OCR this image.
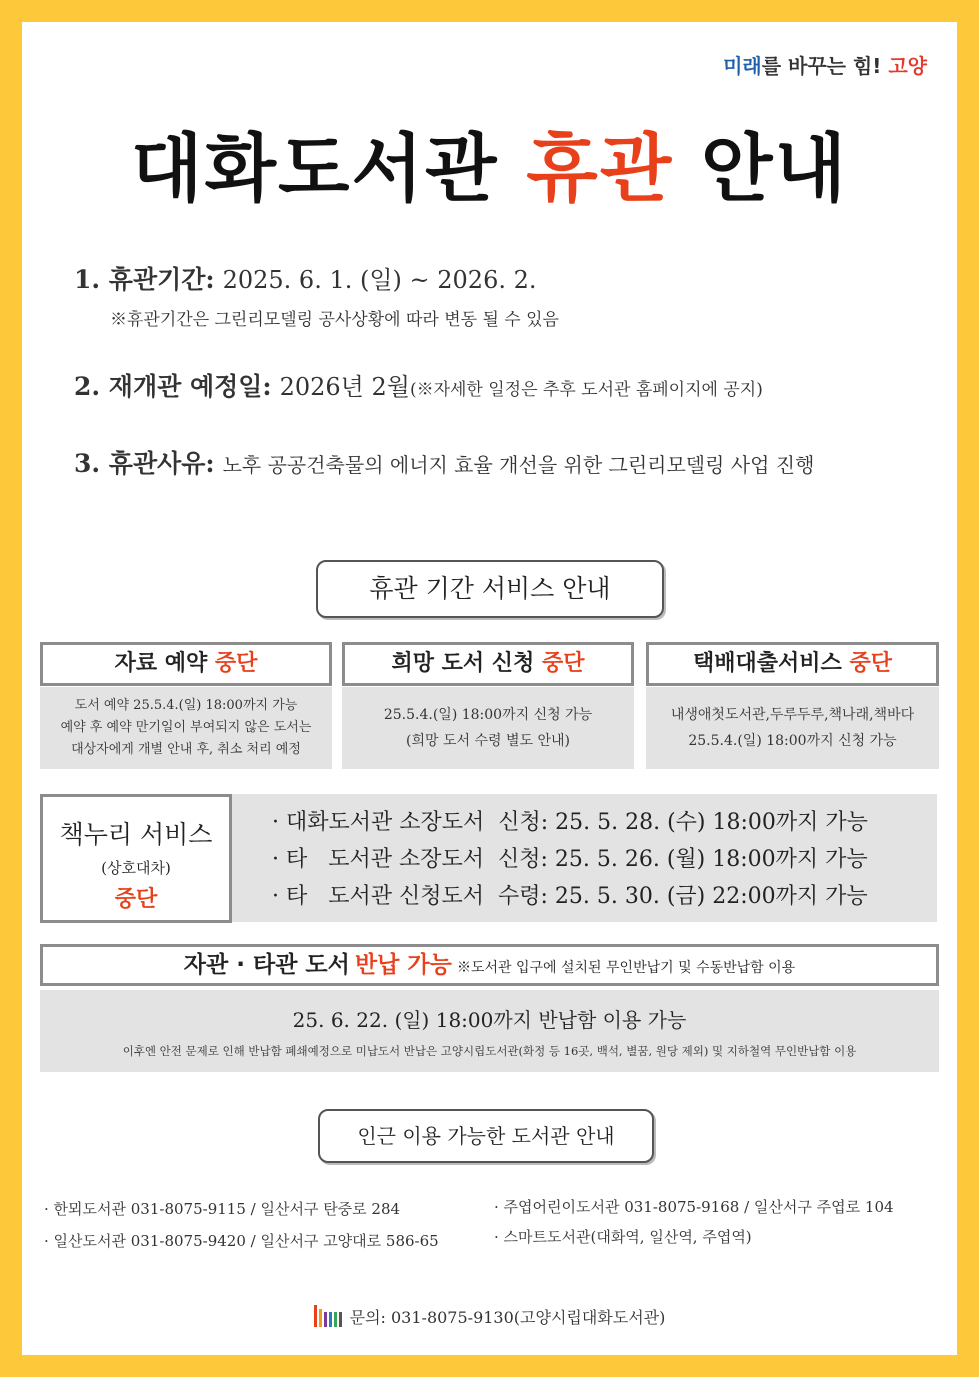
미래를 바꾸는 힘! 고양
대화도서관 휴관 안내
1. 휴관기간: 2025. 6. 1. (일) ~ 2026. 2.
※휴관기간은 그린리모델링 공사상황에 따라 변동 될 수 있음
2. 재개관 예정일: 2026년 2월(※자세한 일정은 추후 도서관 홈페이지에 공지)
3. 휴관사유: 노후 공공건축물의 에너지 효율 개선을 위한 그린리모델링 사업 진행
휴관 기간 서비스 안내
자료 예약 중단
도서 예약 25.5.4.(일) 18:00까지 가능
예약 후 예약 만기일이 부여되지 않은 도서는
대상자에게 개별 안내 후, 취소 처리 예정
희망 도서 신청 중단
25.5.4.(일) 18:00까지 신청 가능
(희망 도서 수령 별도 안내)
택배대출서비스 중단
내생애첫도서관,두루두루,책나래,책바다
25.5.4.(일) 18:00까지 신청 가능
책누리 서비스
(상호대차)
중단
· 대화도서관 소장도서  신청: 25. 5. 28. (수) 18:00까지 가능
· 타   도서관 소장도서  신청: 25. 5. 26. (월) 18:00까지 가능
· 타   도서관 신청도서  수령: 25. 5. 30. (금) 22:00까지 가능
자관 · 타관 도서 반납 가능 ※도서관 입구에 설치된 무인반납기 및 수동반납함 이용
25. 6. 22. (일) 18:00까지 반납함 이용 가능
이후엔 안전 문제로 인해 반납함 폐쇄예정으로 미납도서 반납은 고양시립도서관(화정 등 16곳, 백석, 별꿈, 원당 제외) 및 지하철역 무인반납함 이용
인근 이용 가능한 도서관 안내
· 한뫼도서관 031-8075-9115 / 일산서구 탄중로 284
· 일산도서관 031-8075-9420 / 일산서구 고양대로 586-65
· 주엽어린이도서관 031-8075-9168 / 일산서구 주엽로 104
· 스마트도서관(대화역, 일산역, 주엽역)
문의: 031-8075-9130(고양시립대화도서관)
